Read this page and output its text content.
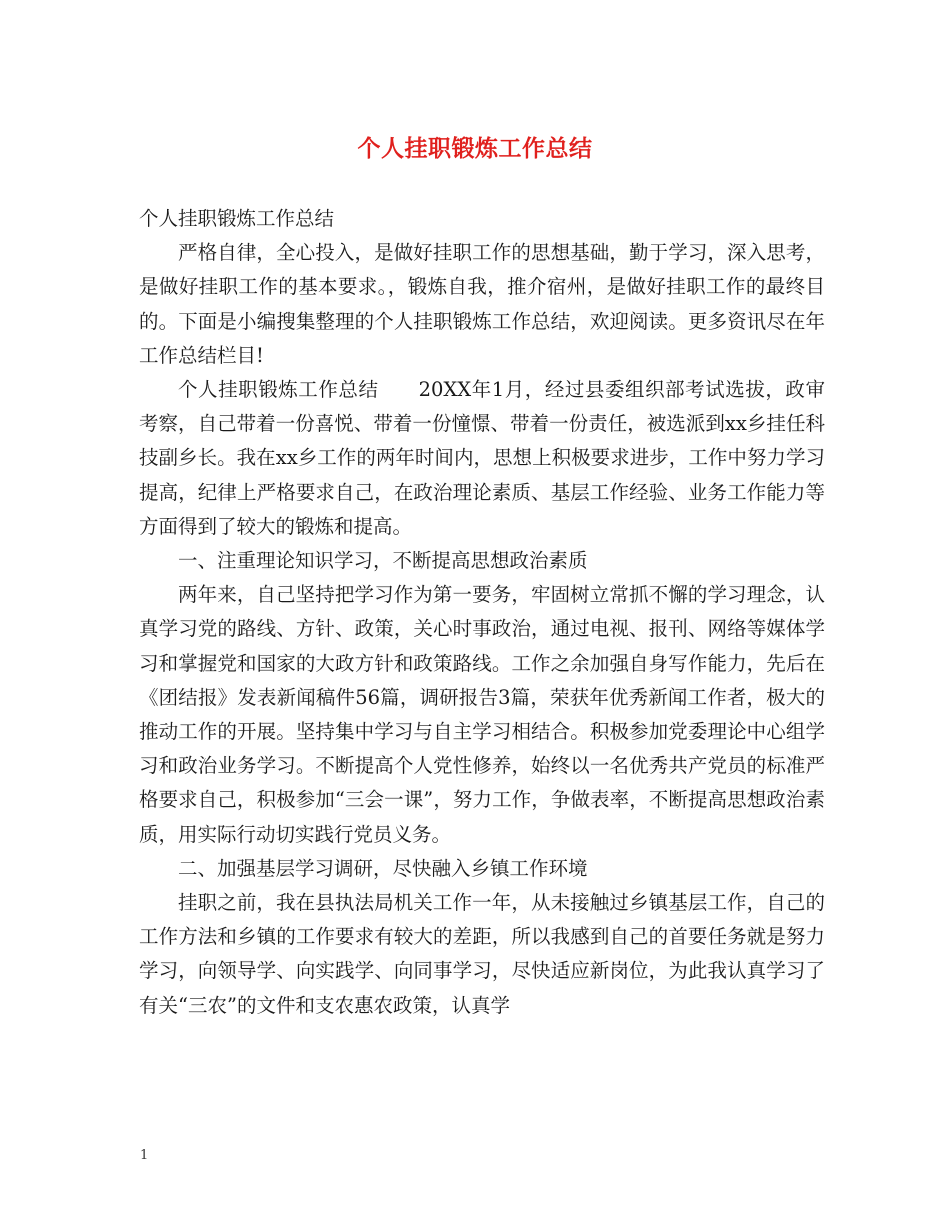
个人挂职锻炼工作总结

个人挂职锻炼工作总结

严格自律，全心投入，是做好挂职工作的思想基础，勤于学习，深入思考，是做好挂职工作的基本要求。，锻炼自我，推介宿州，是做好挂职工作的最终目的。下面是小编搜集整理的个人挂职锻炼工作总结，欢迎阅读。更多资讯尽在年工作总结栏目!

个人挂职锻炼工作总结　　20XX年1月，经过县委组织部考试选拔，政审考察，自己带着一份喜悦、带着一份憧憬、带着一份责任，被选派到xx乡挂任科技副乡长。我在xx乡工作的两年时间内，思想上积极要求进步，工作中努力学习提高，纪律上严格要求自己，在政治理论素质、基层工作经验、业务工作能力等方面得到了较大的锻炼和提高。

一、注重理论知识学习，不断提高思想政治素质

两年来，自己坚持把学习作为第一要务，牢固树立常抓不懈的学习理念，认真学习党的路线、方针、政策，关心时事政治，通过电视、报刊、网络等媒体学习和掌握党和国家的大政方针和政策路线。工作之余加强自身写作能力，先后在《团结报》发表新闻稿件56篇，调研报告3篇，荣获年优秀新闻工作者，极大的推动工作的开展。坚持集中学习与自主学习相结合。积极参加党委理论中心组学习和政治业务学习。不断提高个人党性修养，始终以一名优秀共产党员的标准严格要求自己，积极参加“三会一课”，努力工作，争做表率，不断提高思想政治素质，用实际行动切实践行党员义务。

二、加强基层学习调研，尽快融入乡镇工作环境

挂职之前，我在县执法局机关工作一年，从未接触过乡镇基层工作，自己的工作方法和乡镇的工作要求有较大的差距，所以我感到自己的首要任务就是努力学习，向领导学、向实践学、向同事学习，尽快适应新岗位，为此我认真学习了有关“三农”的文件和支农惠农政策，认真学

1
